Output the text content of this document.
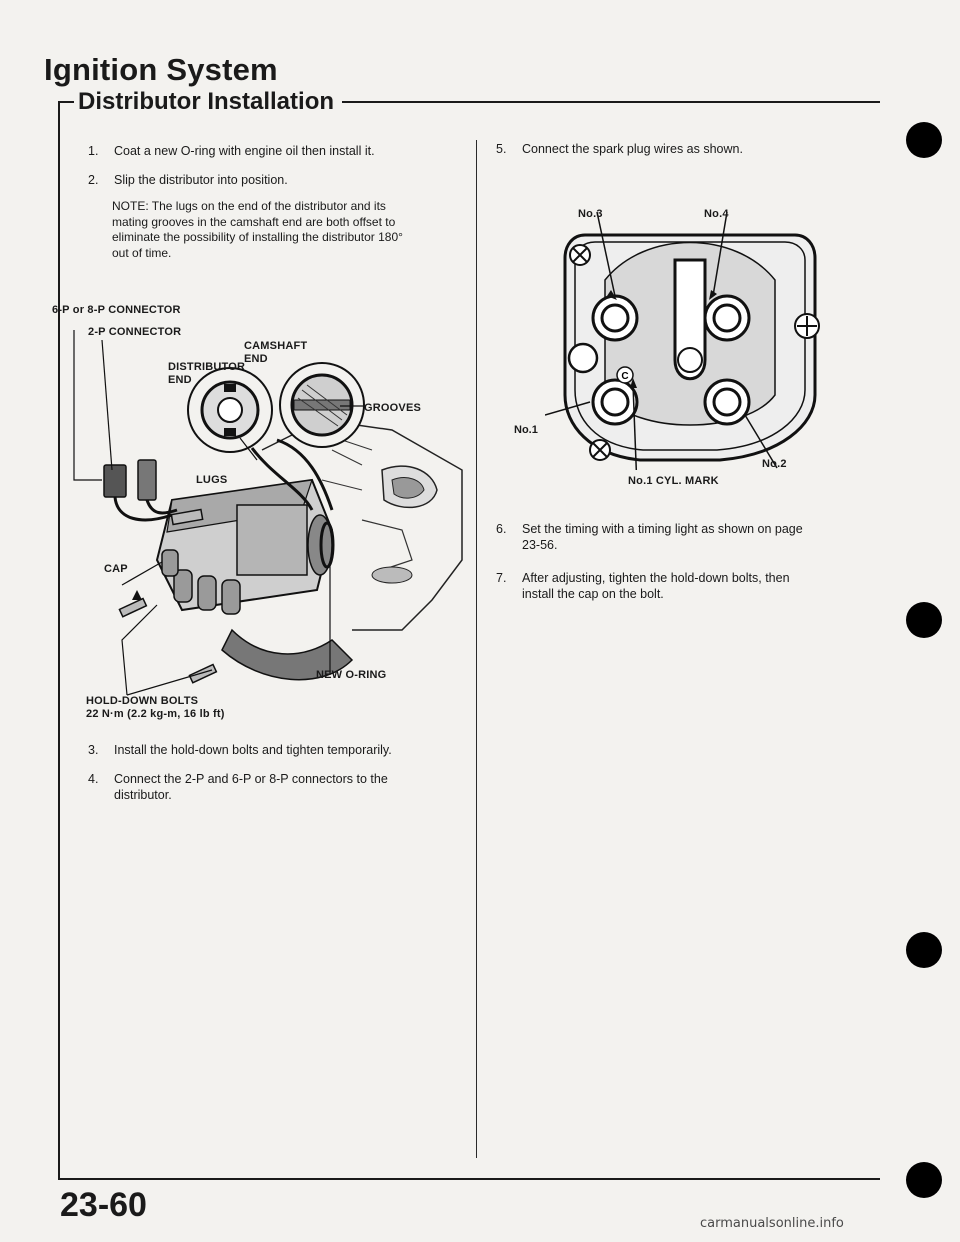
Ignition System
Distributor Installation
1.	Coat a new O-ring with engine oil then install it.
2.	Slip the distributor into position.
NOTE: The lugs on the end of the distributor and its
mating grooves in the camshaft end are both offset to
eliminate the possibility of installing the distributor 180°
out of time.
6-P or 8-P CONNECTOR
2-P CONNECTOR
CAMSHAFT
END
DISTRIBUTOR
END
GROOVES
LUGS
CAP
NEW O-RING
HOLD-DOWN BOLTS
22 N·m (2.2 kg-m, 16 lb ft)
3.	Install the hold-down bolts and tighten temporarily.
4.	Connect the 2-P and 6-P or 8-P connectors to the
distributor.
5.	Connect the spark plug wires as shown.
C
No.3	No.4
No.1
No.2
No.1 CYL. MARK
6.	Set the timing with a timing light as shown on page
23-56.
7.	After adjusting, tighten the hold-down bolts, then
install the cap on the bolt.
23-60	carmanualsonline.info
